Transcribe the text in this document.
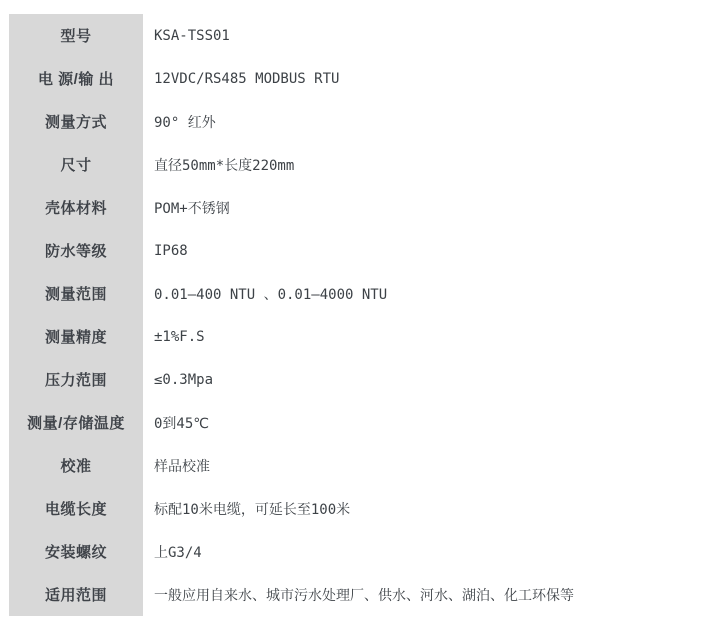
型号	KSA-TSS01
电 源/输 出	12VDC/RS485 MODBUS RTU
测量方式	90° 红外
尺寸	直径50mm*长度220mm
壳体材料	POM+不锈钢
防水等级	IP68
测量范围	0.01—400 NTU 、0.01—4000 NTU
测量精度	±1%F.S
压力范围	≤0.3Mpa
测量/存储温度	0到45℃
校准	样品校准
电缆长度	标配10米电缆，可延长至100米
安装螺纹	上G3/4
适用范围	一般应用自来水、城市污水处理厂、供水、河水、湖泊、化工环保等
